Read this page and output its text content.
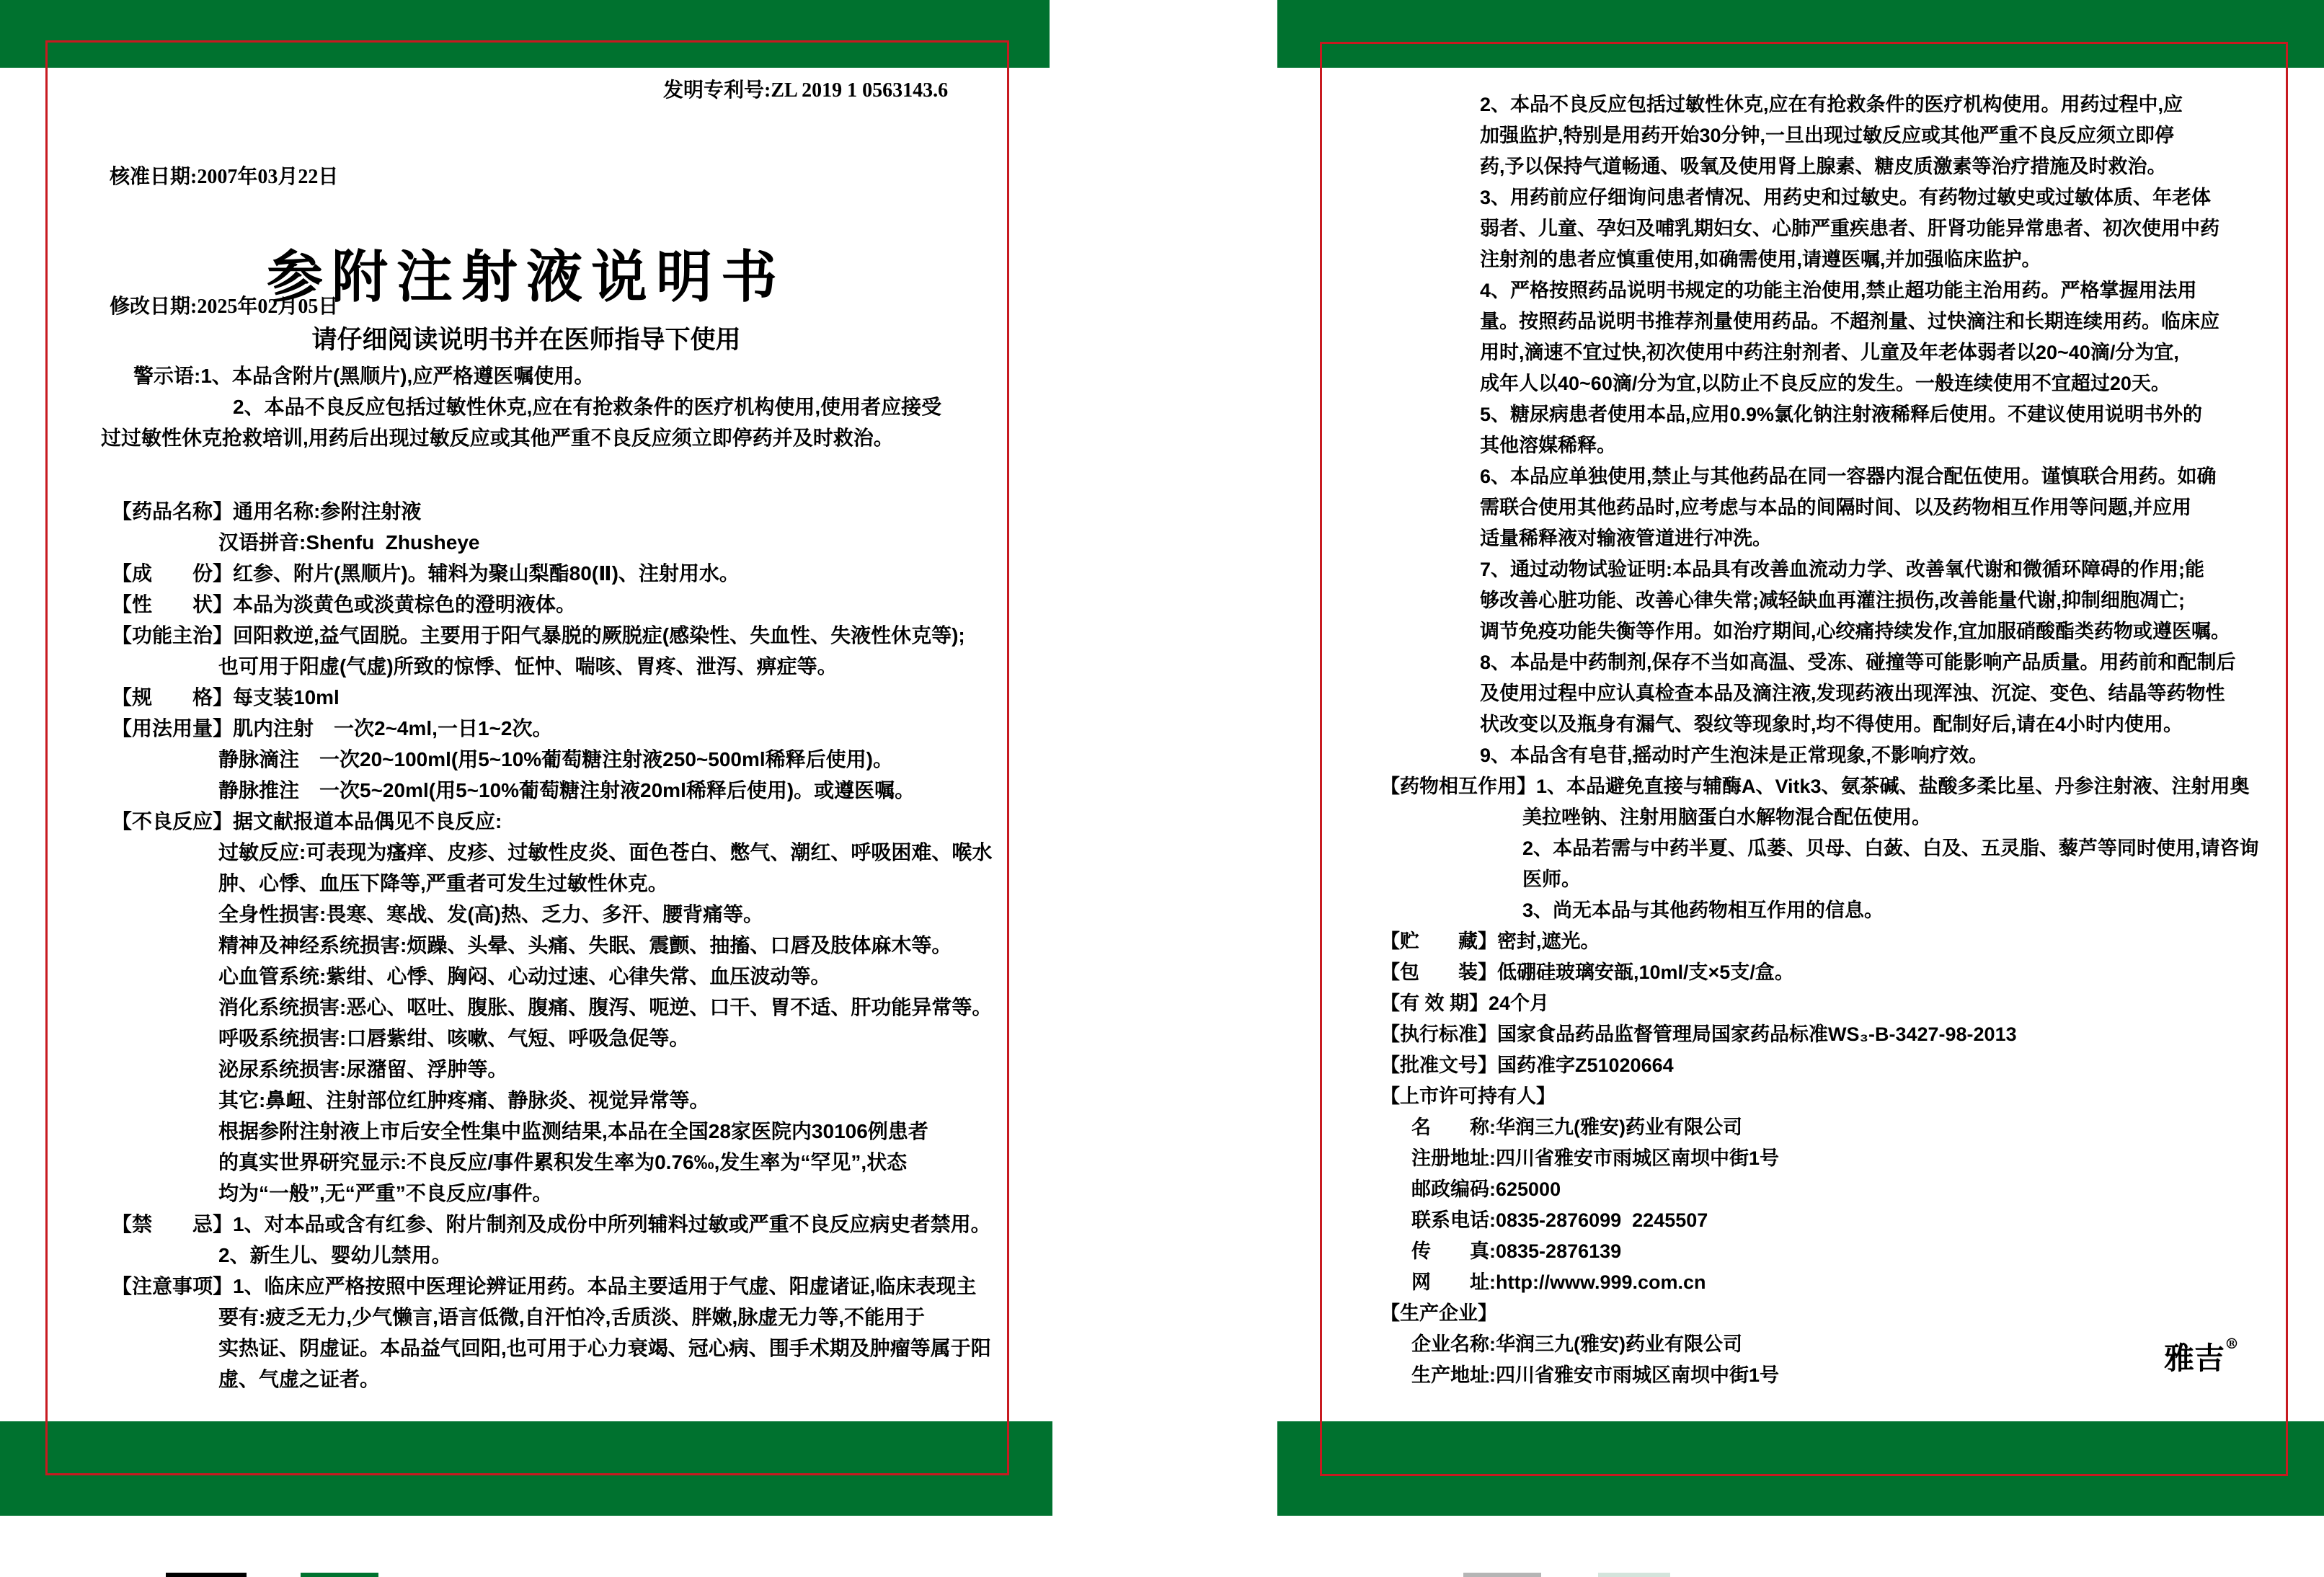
核准日期:2007年03月22日

修改日期:2025年02月05日

发明专利号:ZL 2019 1 0563143.6
参附注射液说明书
请仔细阅读说明书并在医师指导下使用
警示语:1、本品含附片(黑顺片),应严格遵医嘱使用。
2、本品不良反应包括过敏性休克,应在有抢救条件的医疗机构使用,使用者应接受
过过敏性休克抢救培训,用药后出现过敏反应或其他严重不良反应须立即停药并及时救治。
【药品名称】通用名称:参附注射液
汉语拼音:Shenfu  Zhusheye
【成　　份】红参、附片(黑顺片)。辅料为聚山梨酯80(Ⅱ)、注射用水。
【性　　状】本品为淡黄色或淡黄棕色的澄明液体。
【功能主治】回阳救逆,益气固脱。主要用于阳气暴脱的厥脱症(感染性、失血性、失液性休克等);
也可用于阳虚(气虚)所致的惊悸、怔忡、喘咳、胃疼、泄泻、痹症等。
【规　　格】每支装10ml
【用法用量】肌内注射　一次2~4ml,一日1~2次。
静脉滴注　一次20~100ml(用5~10%葡萄糖注射液250~500ml稀释后使用)。
静脉推注　一次5~20ml(用5~10%葡萄糖注射液20ml稀释后使用)。或遵医嘱。
【不良反应】据文献报道本品偶见不良反应:
过敏反应:可表现为瘙痒、皮疹、过敏性皮炎、面色苍白、憋气、潮红、呼吸困难、喉水
肿、心悸、血压下降等,严重者可发生过敏性休克。
全身性损害:畏寒、寒战、发(高)热、乏力、多汗、腰背痛等。
精神及神经系统损害:烦躁、头晕、头痛、失眠、震颤、抽搐、口唇及肢体麻木等。
心血管系统:紫绀、心悸、胸闷、心动过速、心律失常、血压波动等。
消化系统损害:恶心、呕吐、腹胀、腹痛、腹泻、呃逆、口干、胃不适、肝功能异常等。
呼吸系统损害:口唇紫绀、咳嗽、气短、呼吸急促等。
泌尿系统损害:尿潴留、浮肿等。
其它:鼻衄、注射部位红肿疼痛、静脉炎、视觉异常等。
根据参附注射液上市后安全性集中监测结果,本品在全国28家医院内30106例患者
的真实世界研究显示:不良反应/事件累积发生率为0.76‰,发生率为“罕见”,状态
均为“一般”,无“严重”不良反应/事件。
【禁　　忌】1、对本品或含有红参、附片制剂及成份中所列辅料过敏或严重不良反应病史者禁用。
2、新生儿、婴幼儿禁用。
【注意事项】1、临床应严格按照中医理论辨证用药。本品主要适用于气虚、阳虚诸证,临床表现主
要有:疲乏无力,少气懒言,语言低微,自汗怕冷,舌质淡、胖嫩,脉虚无力等,不能用于
实热证、阴虚证。本品益气回阳,也可用于心力衰竭、冠心病、围手术期及肿瘤等属于阳
虚、气虚之证者。
2、本品不良反应包括过敏性休克,应在有抢救条件的医疗机构使用。用药过程中,应
加强监护,特别是用药开始30分钟,一旦出现过敏反应或其他严重不良反应须立即停
药,予以保持气道畅通、吸氧及使用肾上腺素、糖皮质激素等治疗措施及时救治。
3、用药前应仔细询问患者情况、用药史和过敏史。有药物过敏史或过敏体质、年老体
弱者、儿童、孕妇及哺乳期妇女、心肺严重疾患者、肝肾功能异常患者、初次使用中药
注射剂的患者应慎重使用,如确需使用,请遵医嘱,并加强临床监护。
4、严格按照药品说明书规定的功能主治使用,禁止超功能主治用药。严格掌握用法用
量。按照药品说明书推荐剂量使用药品。不超剂量、过快滴注和长期连续用药。临床应
用时,滴速不宜过快,初次使用中药注射剂者、儿童及年老体弱者以20~40滴/分为宜,
成年人以40~60滴/分为宜,以防止不良反应的发生。一般连续使用不宜超过20天。
5、糖尿病患者使用本品,应用0.9%氯化钠注射液稀释后使用。不建议使用说明书外的
其他溶媒稀释。
6、本品应单独使用,禁止与其他药品在同一容器内混合配伍使用。谨慎联合用药。如确
需联合使用其他药品时,应考虑与本品的间隔时间、以及药物相互作用等问题,并应用
适量稀释液对输液管道进行冲洗。
7、通过动物试验证明:本品具有改善血流动力学、改善氧代谢和微循环障碍的作用;能
够改善心脏功能、改善心律失常;减轻缺血再灌注损伤,改善能量代谢,抑制细胞凋亡;
调节免疫功能失衡等作用。如治疗期间,心绞痛持续发作,宜加服硝酸酯类药物或遵医嘱。
8、本品是中药制剂,保存不当如高温、受冻、碰撞等可能影响产品质量。用药前和配制后
及使用过程中应认真检查本品及滴注液,发现药液出现浑浊、沉淀、变色、结晶等药物性
状改变以及瓶身有漏气、裂纹等现象时,均不得使用。配制好后,请在4小时内使用。
9、本品含有皂苷,摇动时产生泡沫是正常现象,不影响疗效。
【药物相互作用】1、本品避免直接与辅酶A、Vitk3、氨茶碱、盐酸多柔比星、丹参注射液、注射用奥
美拉唑钠、注射用脑蛋白水解物混合配伍使用。
2、本品若需与中药半夏、瓜蒌、贝母、白蔹、白及、五灵脂、藜芦等同时使用,请咨询
医师。
3、尚无本品与其他药物相互作用的信息。
【贮　　藏】密封,遮光。
【包　　装】低硼硅玻璃安瓿,10ml/支×5支/盒。
【有 效 期】24个月
【执行标准】国家食品药品监督管理局国家药品标准WS₃-B-3427-98-2013
【批准文号】国药准字Z51020664
【上市许可持有人】
名　　称:华润三九(雅安)药业有限公司
注册地址:四川省雅安市雨城区南坝中街1号
邮政编码:625000
联系电话:0835-2876099  2245507
传　　真:0835-2876139
网　　址:http://www.999.com.cn
【生产企业】
企业名称:华润三九(雅安)药业有限公司
生产地址:四川省雅安市雨城区南坝中街1号	雅吉®
